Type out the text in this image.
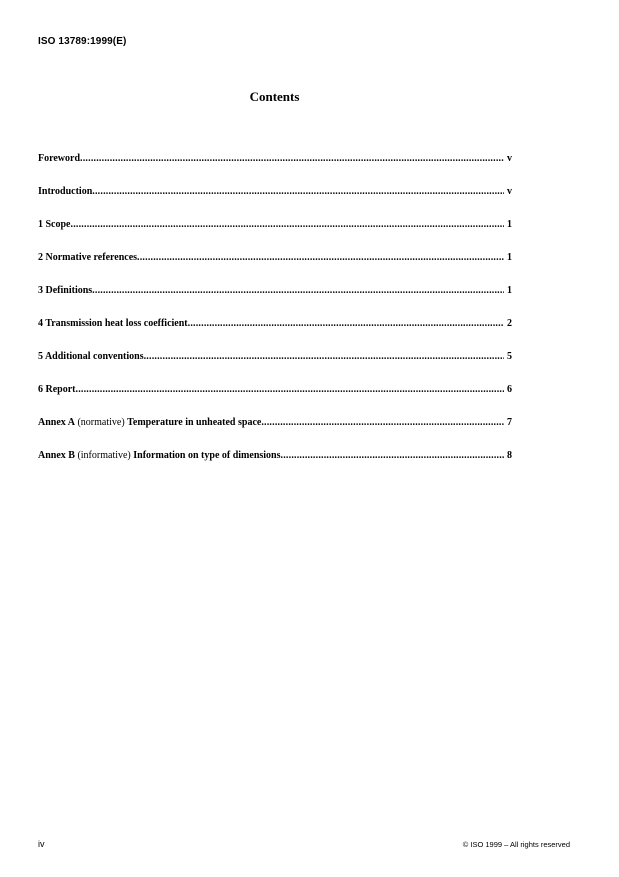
ISO 13789:1999(E)
Contents
Foreword .....	v
Introduction .....	v
1 Scope .....	1
2 Normative references .....	1
3 Definitions .....	1
4 Transmission heat loss coefficient .....	2
5 Additional conventions .....	5
6 Report .....	6
Annex A (normative) Temperature in unheated space .....	7
Annex B (informative) Information on type of dimensions .....	8
iv	© ISO 1999 – All rights reserved
